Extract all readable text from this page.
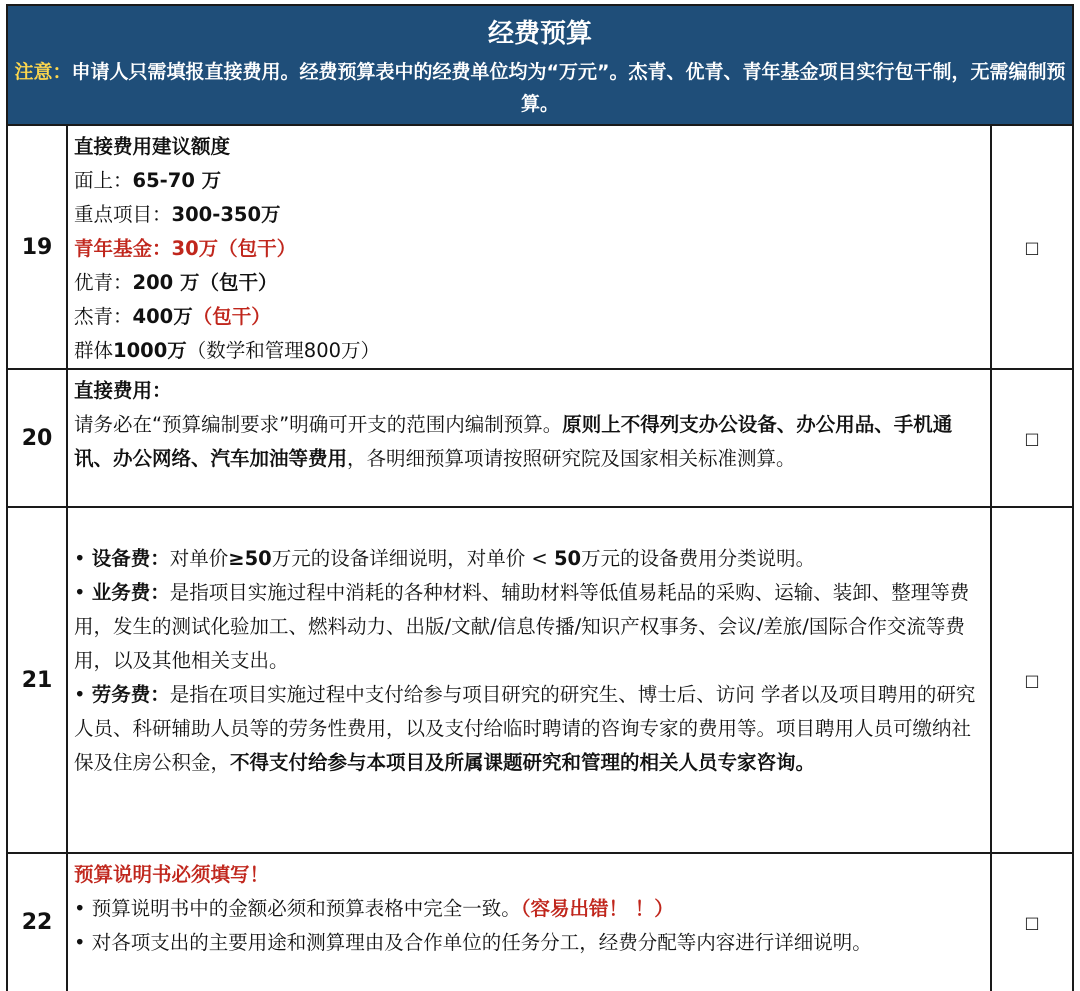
经费预算
注意：申请人只需填报直接费用。经费预算表中的经费单位均为“万元”。杰青、优青、青年基金项目实行包干制，无需编制预算。
19
直接费用建议额度
面上：65-70 万
重点项目：300-350万
青年基金：30万（包干）
优青：200 万（包干）
杰青：400万（包干）
群体1000万（数学和管理800万）
□
20
直接费用：
请务必在“预算编制要求”明确可开支的范围内编制预算。原则上不得列支办公设备、办公用品、手机通讯、办公网络、汽车加油等费用，各明细预算项请按照研究院及国家相关标准测算。
□
21
• 设备费：对单价≥50万元的设备详细说明，对单价 < 50万元的设备费用分类说明。
• 业务费：是指项目实施过程中消耗的各种材料、辅助材料等低值易耗品的采购、运输、装卸、整理等费用，发生的测试化验加工、燃料动力、出版/文献/信息传播/知识产权事务、会议/差旅/国际合作交流等费用，以及其他相关支出。
• 劳务费：是指在项目实施过程中支付给参与项目研究的研究生、博士后、访问 学者以及项目聘用的研究人员、科研辅助人员等的劳务性费用，以及支付给临时聘请的咨询专家的费用等。项目聘用人员可缴纳社保及住房公积金，不得支付给参与本项目及所属课题研究和管理的相关人员专家咨询。
□
22
预算说明书必须填写！
• 预算说明书中的金额必须和预算表格中完全一致。（容易出错！ ！）
• 对各项支出的主要用途和测算理由及合作单位的任务分工，经费分配等内容进行详细说明。
□
